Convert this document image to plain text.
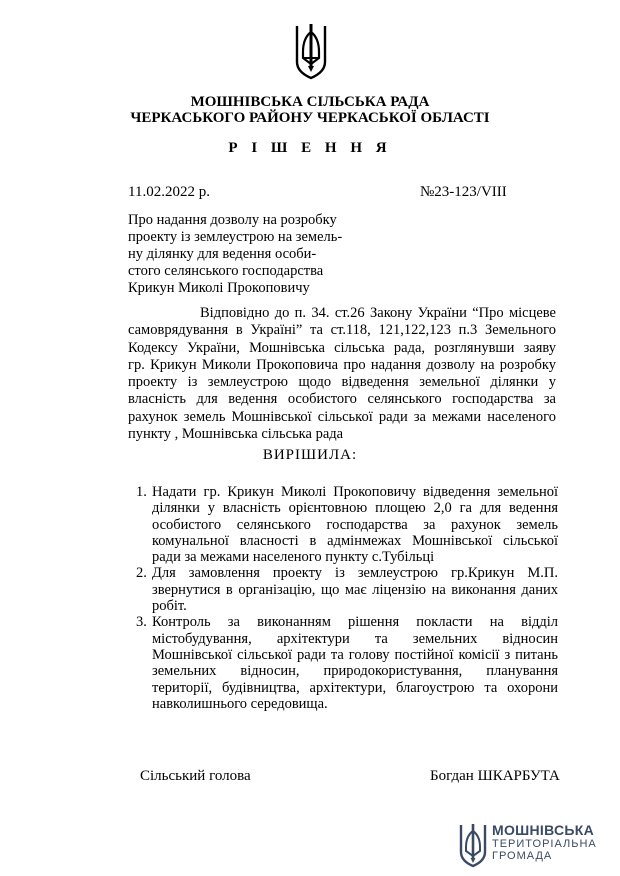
МОШНІВСЬКА СІЛЬСЬКА РАДА
ЧЕРКАСЬКОГО РАЙОНУ ЧЕРКАСЬКОЇ ОБЛАСТІ
Р І Ш Е Н Н Я
11.02.2022 р.	№23-123/VIII
Про надання дозволу на розробку
проекту із землеустрою на земель-
ну ділянку для ведення особи-
стого селянського господарства
Крикун Миколі Прокоповичу
Відповідно до п. 34. ст.26 Закону України “Про місцеве
самоврядування в Україні” та ст.118, 121,122,123 п.3 Земельного
Кодексу України, Мошнівська сільська рада, розглянувши заяву
гр. Крикун Миколи Прокоповича про надання дозволу на розробку
проекту із землеустрою щодо відведення земельної ділянки у
власність для ведення особистого селянського господарства за
рахунок земель Мошнівської сільської ради за межами населеного
пункту , Мошнівська сільська рада
ВИРІШИЛА:
1. Надати гр. Крикун Миколі Прокоповичу відведення земельної
ділянки у власність орієнтовною площею 2,0 га для ведення
особистого селянського господарства за рахунок земель
комунальної власності в адмінмежах Мошнівської сільської
ради за межами населеного пункту с.Тубільці
2. Для замовлення проекту із землеустрою гр.Крикун М.П.
звернутися в організацію, що має ліцензію на виконання даних
робіт.
3. Контроль за виконанням рішення покласти на відділ
містобудування, архітектури та земельних відносин
Мошнівської сільської ради та голову постійної комісії з питань
земельних відносин, природокористування, планування
території, будівництва, архітектури, благоустрою та охорони
навколишнього середовища.
Сільський голова	Богдан ШКАРБУТА
МОШНІВСЬКА
ТЕРИТОРІАЛЬНА
ГРОМАДА
